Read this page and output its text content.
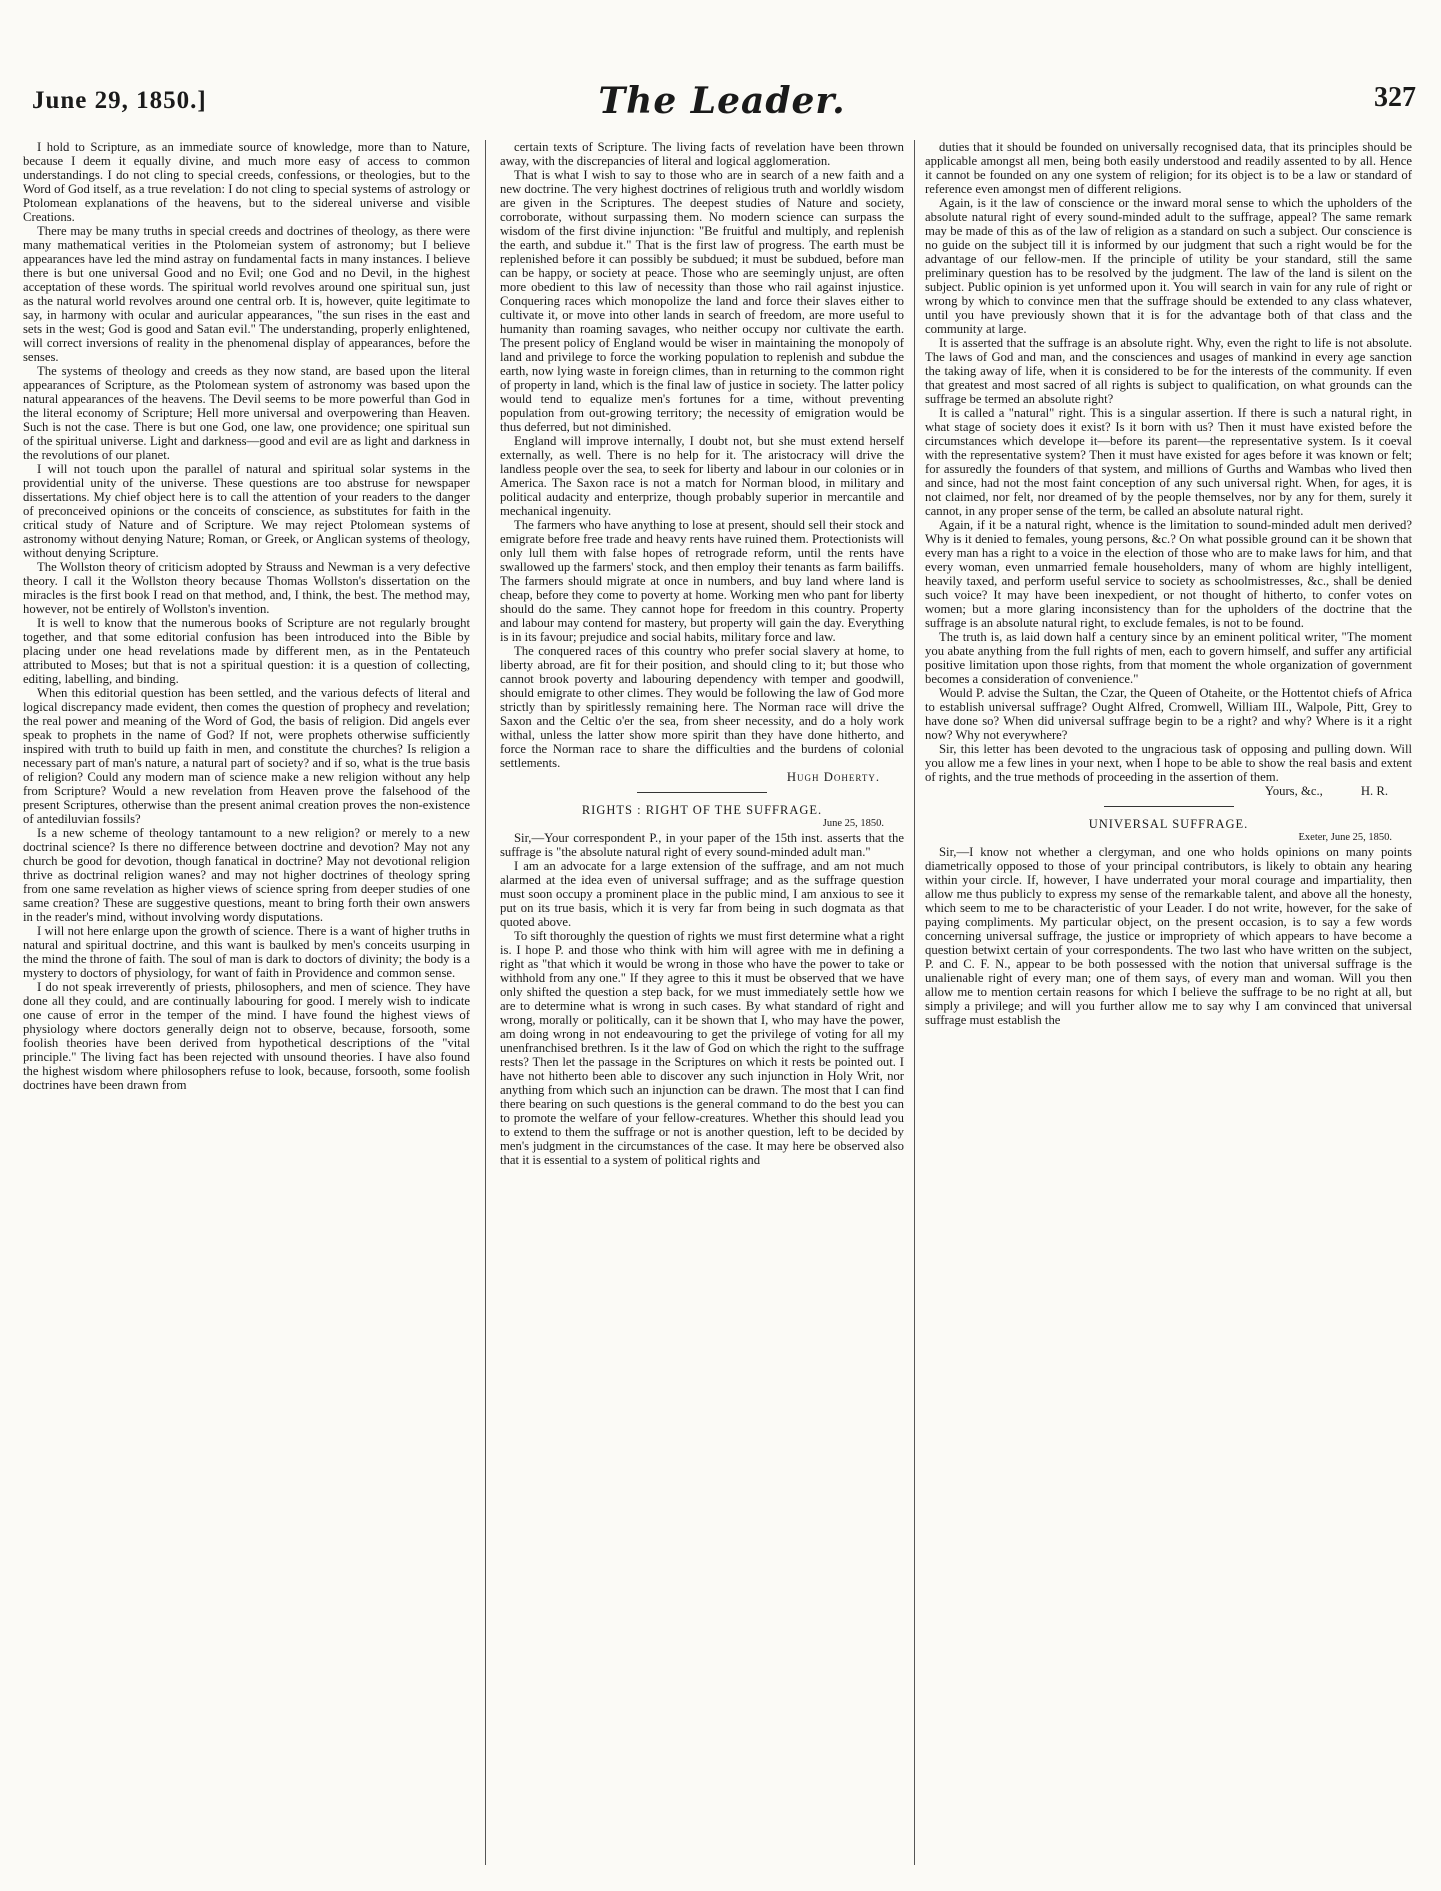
June 29, 1850.]	The Leader.	327

I hold to Scripture, as an immediate source of knowledge, more than to Nature, because I deem it equally divine, and much more easy of access to common understandings. I do not cling to special creeds, confessions, or theologies, but to the Word of God itself, as a true revelation: I do not cling to special systems of astrology or Ptolomean explanations of the heavens, but to the sidereal universe and visible Creations.

There may be many truths in special creeds and doctrines of theology, as there were many mathematical verities in the Ptolomeian system of astronomy; but I believe appearances have led the mind astray on fundamental facts in many instances. I believe there is but one universal Good and no Evil; one God and no Devil, in the highest acceptation of these words. The spiritual world revolves around one spiritual sun, just as the natural world revolves around one central orb. It is, however, quite legitimate to say, in harmony with ocular and auricular appearances, "the sun rises in the east and sets in the west; God is good and Satan evil." The understanding, properly enlightened, will correct inversions of reality in the phenomenal display of appearances, before the senses.

The systems of theology and creeds as they now stand, are based upon the literal appearances of Scripture, as the Ptolomean system of astronomy was based upon the natural appearances of the heavens. The Devil seems to be more powerful than God in the literal economy of Scripture; Hell more universal and overpowering than Heaven. Such is not the case. There is but one God, one law, one providence; one spiritual sun of the spiritual universe. Light and darkness—good and evil are as light and darkness in the revolutions of our planet.

I will not touch upon the parallel of natural and spiritual solar systems in the providential unity of the universe. These questions are too abstruse for newspaper dissertations. My chief object here is to call the attention of your readers to the danger of preconceived opinions or the conceits of conscience, as substitutes for faith in the critical study of Nature and of Scripture. We may reject Ptolomean systems of astronomy without denying Nature; Roman, or Greek, or Anglican systems of theology, without denying Scripture.

The Wollston theory of criticism adopted by Strauss and Newman is a very defective theory. I call it the Wollston theory because Thomas Wollston's dissertation on the miracles is the first book I read on that method, and, I think, the best. The method may, however, not be entirely of Wollston's invention.

It is well to know that the numerous books of Scripture are not regularly brought together, and that some editorial confusion has been introduced into the Bible by placing under one head revelations made by different men, as in the Pentateuch attributed to Moses; but that is not a spiritual question: it is a question of collecting, editing, labelling, and binding.

When this editorial question has been settled, and the various defects of literal and logical discrepancy made evident, then comes the question of prophecy and revelation; the real power and meaning of the Word of God, the basis of religion. Did angels ever speak to prophets in the name of God? If not, were prophets otherwise sufficiently inspired with truth to build up faith in men, and constitute the churches? Is religion a necessary part of man's nature, a natural part of society? and if so, what is the true basis of religion? Could any modern man of science make a new religion without any help from Scripture? Would a new revelation from Heaven prove the falsehood of the present Scriptures, otherwise than the present animal creation proves the non-existence of antediluvian fossils?

Is a new scheme of theology tantamount to a new religion? or merely to a new doctrinal science? Is there no difference between doctrine and devotion? May not any church be good for devotion, though fanatical in doctrine? May not devotional religion thrive as doctrinal religion wanes? and may not higher doctrines of theology spring from one same revelation as higher views of science spring from deeper studies of one same creation? These are suggestive questions, meant to bring forth their own answers in the reader's mind, without involving wordy disputations.

I will not here enlarge upon the growth of science. There is a want of higher truths in natural and spiritual doctrine, and this want is baulked by men's conceits usurping in the mind the throne of faith. The soul of man is dark to doctors of divinity; the body is a mystery to doctors of physiology, for want of faith in Providence and common sense.

I do not speak irreverently of priests, philosophers, and men of science. They have done all they could, and are continually labouring for good. I merely wish to indicate one cause of error in the temper of the mind. I have found the highest views of physiology where doctors generally deign not to observe, because, forsooth, some foolish theories have been derived from hypothetical descriptions of the "vital principle." The living fact has been rejected with unsound theories. I have also found the highest wisdom where philosophers refuse to look, because, forsooth, some foolish doctrines have been drawn from

certain texts of Scripture. The living facts of revelation have been thrown away, with the discrepancies of literal and logical agglomeration.

That is what I wish to say to those who are in search of a new faith and a new doctrine. The very highest doctrines of religious truth and worldly wisdom are given in the Scriptures. The deepest studies of Nature and society, corroborate, without surpassing them. No modern science can surpass the wisdom of the first divine injunction: "Be fruitful and multiply, and replenish the earth, and subdue it." That is the first law of progress. The earth must be replenished before it can possibly be subdued; it must be subdued, before man can be happy, or society at peace. Those who are seemingly unjust, are often more obedient to this law of necessity than those who rail against injustice. Conquering races which monopolize the land and force their slaves either to cultivate it, or move into other lands in search of freedom, are more useful to humanity than roaming savages, who neither occupy nor cultivate the earth. The present policy of England would be wiser in maintaining the monopoly of land and privilege to force the working population to replenish and subdue the earth, now lying waste in foreign climes, than in returning to the common right of property in land, which is the final law of justice in society. The latter policy would tend to equalize men's fortunes for a time, without preventing population from out-growing territory; the necessity of emigration would be thus deferred, but not diminished.

England will improve internally, I doubt not, but she must extend herself externally, as well. There is no help for it. The aristocracy will drive the landless people over the sea, to seek for liberty and labour in our colonies or in America. The Saxon race is not a match for Norman blood, in military and political audacity and enterprize, though probably superior in mercantile and mechanical ingenuity.

The farmers who have anything to lose at present, should sell their stock and emigrate before free trade and heavy rents have ruined them. Protectionists will only lull them with false hopes of retrograde reform, until the rents have swallowed up the farmers' stock, and then employ their tenants as farm bailiffs. The farmers should migrate at once in numbers, and buy land where land is cheap, before they come to poverty at home. Working men who pant for liberty should do the same. They cannot hope for freedom in this country. Property and labour may contend for mastery, but property will gain the day. Everything is in its favour; prejudice and social habits, military force and law.

The conquered races of this country who prefer social slavery at home, to liberty abroad, are fit for their position, and should cling to it; but those who cannot brook poverty and labouring dependency with temper and goodwill, should emigrate to other climes. They would be following the law of God more strictly than by spiritlessly remaining here. The Norman race will drive the Saxon and the Celtic o'er the sea, from sheer necessity, and do a holy work withal, unless the latter show more spirit than they have done hitherto, and force the Norman race to share the difficulties and the burdens of colonial settlements.

Hugh Doherty.

RIGHTS : RIGHT OF THE SUFFRAGE.

June 25, 1850.

Sir,—Your correspondent P., in your paper of the 15th inst. asserts that the suffrage is "the absolute natural right of every sound-minded adult man."

I am an advocate for a large extension of the suffrage, and am not much alarmed at the idea even of universal suffrage; and as the suffrage question must soon occupy a prominent place in the public mind, I am anxious to see it put on its true basis, which it is very far from being in such dogmata as that quoted above.

To sift thoroughly the question of rights we must first determine what a right is. I hope P. and those who think with him will agree with me in defining a right as "that which it would be wrong in those who have the power to take or withhold from any one." If they agree to this it must be observed that we have only shifted the question a step back, for we must immediately settle how we are to determine what is wrong in such cases. By what standard of right and wrong, morally or politically, can it be shown that I, who may have the power, am doing wrong in not endeavouring to get the privilege of voting for all my unenfranchised brethren. Is it the law of God on which the right to the suffrage rests? Then let the passage in the Scriptures on which it rests be pointed out. I have not hitherto been able to discover any such injunction in Holy Writ, nor anything from which such an injunction can be drawn. The most that I can find there bearing on such questions is the general command to do the best you can to promote the welfare of your fellow-creatures. Whether this should lead you to extend to them the suffrage or not is another question, left to be decided by men's judgment in the circumstances of the case. It may here be observed also that it is essential to a system of political rights and

duties that it should be founded on universally recognised data, that its principles should be applicable amongst all men, being both easily understood and readily assented to by all. Hence it cannot be founded on any one system of religion; for its object is to be a law or standard of reference even amongst men of different religions.

Again, is it the law of conscience or the inward moral sense to which the upholders of the absolute natural right of every sound-minded adult to the suffrage, appeal? The same remark may be made of this as of the law of religion as a standard on such a subject. Our conscience is no guide on the subject till it is informed by our judgment that such a right would be for the advantage of our fellow-men. If the principle of utility be your standard, still the same preliminary question has to be resolved by the judgment. The law of the land is silent on the subject. Public opinion is yet unformed upon it. You will search in vain for any rule of right or wrong by which to convince men that the suffrage should be extended to any class whatever, until you have previously shown that it is for the advantage both of that class and the community at large.

It is asserted that the suffrage is an absolute right. Why, even the right to life is not absolute. The laws of God and man, and the consciences and usages of mankind in every age sanction the taking away of life, when it is considered to be for the interests of the community. If even that greatest and most sacred of all rights is subject to qualification, on what grounds can the suffrage be termed an absolute right?

It is called a "natural" right. This is a singular assertion. If there is such a natural right, in what stage of society does it exist? Is it born with us? Then it must have existed before the circumstances which develope it—before its parent—the representative system. Is it coeval with the representative system? Then it must have existed for ages before it was known or felt; for assuredly the founders of that system, and millions of Gurths and Wambas who lived then and since, had not the most faint conception of any such universal right. When, for ages, it is not claimed, nor felt, nor dreamed of by the people themselves, nor by any for them, surely it cannot, in any proper sense of the term, be called an absolute natural right.

Again, if it be a natural right, whence is the limitation to sound-minded adult men derived? Why is it denied to females, young persons, &c.? On what possible ground can it be shown that every man has a right to a voice in the election of those who are to make laws for him, and that every woman, even unmarried female householders, many of whom are highly intelligent, heavily taxed, and perform useful service to society as schoolmistresses, &c., shall be denied such voice? It may have been inexpedient, or not thought of hitherto, to confer votes on women; but a more glaring inconsistency than for the upholders of the doctrine that the suffrage is an absolute natural right, to exclude females, is not to be found.

The truth is, as laid down half a century since by an eminent political writer, "The moment you abate anything from the full rights of men, each to govern himself, and suffer any artificial positive limitation upon those rights, from that moment the whole organization of government becomes a consideration of convenience."

Would P. advise the Sultan, the Czar, the Queen of Otaheite, or the Hottentot chiefs of Africa to establish universal suffrage? Ought Alfred, Cromwell, William III., Walpole, Pitt, Grey to have done so? When did universal suffrage begin to be a right? and why? Where is it a right now? Why not everywhere?

Sir, this letter has been devoted to the ungracious task of opposing and pulling down. Will you allow me a few lines in your next, when I hope to be able to show the real basis and extent of rights, and the true methods of proceeding in the assertion of them.

Yours, &c.,	H. R.

UNIVERSAL SUFFRAGE.

Exeter, June 25, 1850.

Sir,—I know not whether a clergyman, and one who holds opinions on many points diametrically opposed to those of your principal contributors, is likely to obtain any hearing within your circle. If, however, I have underrated your moral courage and impartiality, then allow me thus publicly to express my sense of the remarkable talent, and above all the honesty, which seem to me to be characteristic of your Leader. I do not write, however, for the sake of paying compliments. My particular object, on the present occasion, is to say a few words concerning universal suffrage, the justice or impropriety of which appears to have become a question betwixt certain of your correspondents. The two last who have written on the subject, P. and C. F. N., appear to be both possessed with the notion that universal suffrage is the unalienable right of every man; one of them says, of every man and woman. Will you then allow me to mention certain reasons for which I believe the suffrage to be no right at all, but simply a privilege; and will you further allow me to say why I am convinced that universal suffrage must establish the
